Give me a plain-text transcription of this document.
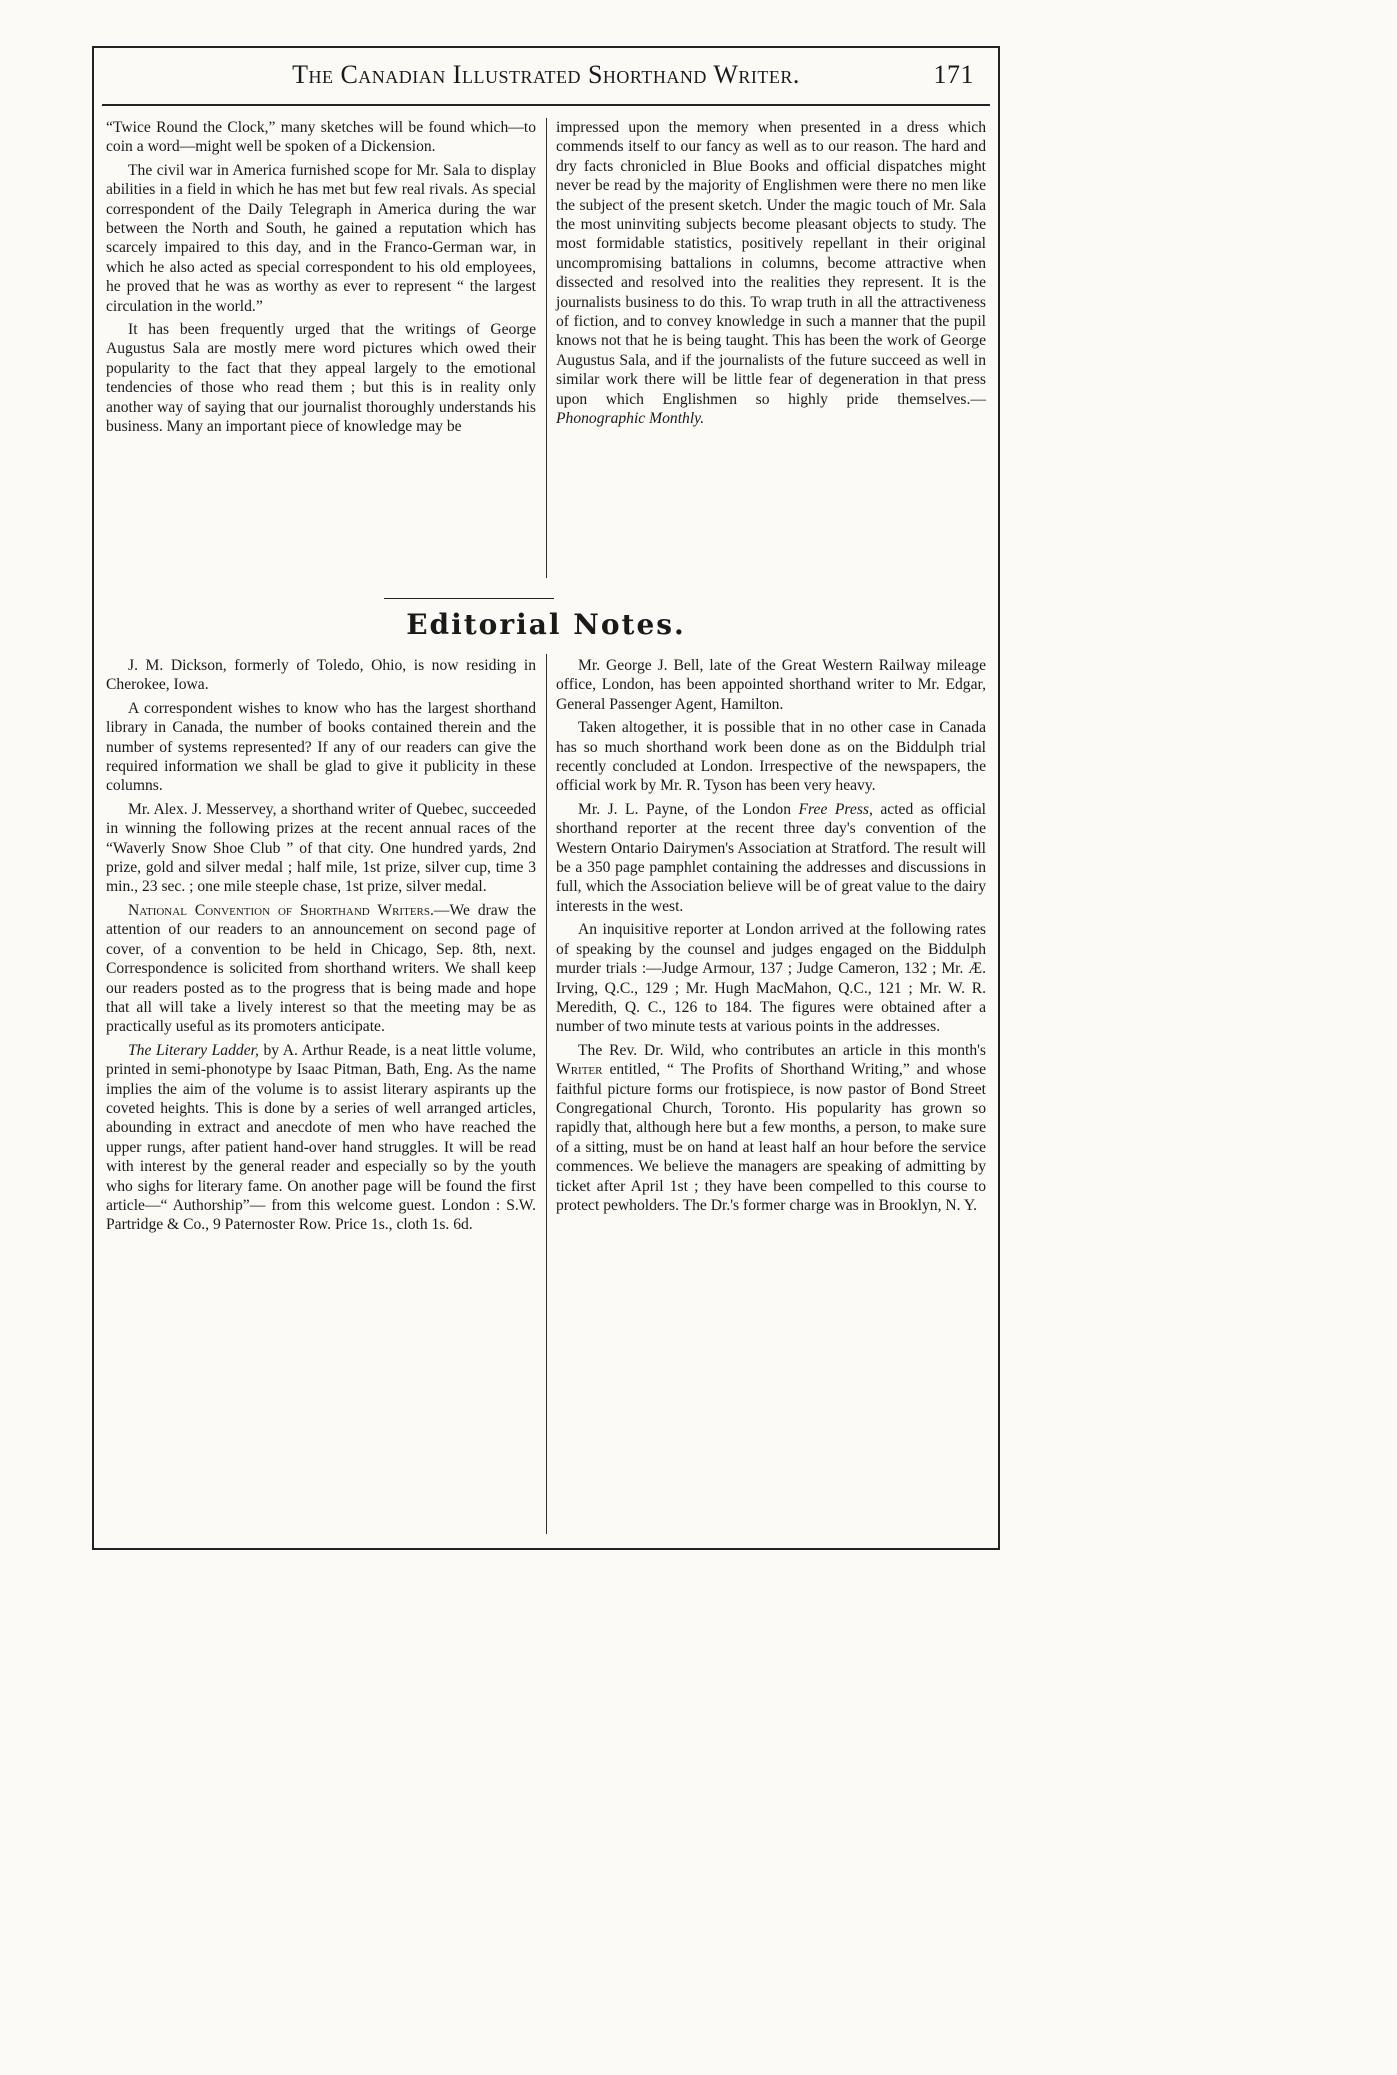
The Canadian Illustrated Shorthand Writer.	171

“Twice Round the Clock,” many sketches will be found which—to coin a word—might well be spoken of a Dickension.

The civil war in America furnished scope for Mr. Sala to display abilities in a field in which he has met but few real rivals. As special correspondent of the Daily Telegraph in America during the war between the North and South, he gained a reputation which has scarcely impaired to this day, and in the Franco-German war, in which he also acted as special correspondent to his old employees, he proved that he was as worthy as ever to represent “ the largest circulation in the world.”

It has been frequently urged that the writings of George Augustus Sala are mostly mere word pictures which owed their popularity to the fact that they appeal largely to the emotional tendencies of those who read them ; but this is in reality only another way of saying that our journalist thoroughly understands his business. Many an important piece of knowledge may be

impressed upon the memory when presented in a dress which commends itself to our fancy as well as to our reason. The hard and dry facts chronicled in Blue Books and official dispatches might never be read by the majority of Englishmen were there no men like the subject of the present sketch. Under the magic touch of Mr. Sala the most uninviting subjects become pleasant objects to study. The most formidable statistics, positively repellant in their original uncompromising battalions in columns, become attractive when dissected and resolved into the realities they represent. It is the journalists business to do this. To wrap truth in all the attractiveness of fiction, and to convey knowledge in such a manner that the pupil knows not that he is being taught. This has been the work of George Augustus Sala, and if the journalists of the future succeed as well in similar work there will be little fear of degeneration in that press upon which Englishmen so highly pride themselves.—Phonographic Monthly.

Editorial Notes.

J. M. Dickson, formerly of Toledo, Ohio, is now residing in Cherokee, Iowa.

A correspondent wishes to know who has the largest shorthand library in Canada, the number of books contained therein and the number of systems represented? If any of our readers can give the required information we shall be glad to give it publicity in these columns.

Mr. Alex. J. Messervey, a shorthand writer of Quebec, succeeded in winning the following prizes at the recent annual races of the “Waverly Snow Shoe Club ” of that city. One hundred yards, 2nd prize, gold and silver medal ; half mile, 1st prize, silver cup, time 3 min., 23 sec. ; one mile steeple chase, 1st prize, silver medal.

National Convention of Shorthand Writers.—We draw the attention of our readers to an announcement on second page of cover, of a convention to be held in Chicago, Sep. 8th, next. Correspondence is solicited from shorthand writers. We shall keep our readers posted as to the progress that is being made and hope that all will take a lively interest so that the meeting may be as practically useful as its promoters anticipate.

The Literary Ladder, by A. Arthur Reade, is a neat little volume, printed in semi-phonotype by Isaac Pitman, Bath, Eng. As the name implies the aim of the volume is to assist literary aspirants up the coveted heights. This is done by a series of well arranged articles, abounding in extract and anecdote of men who have reached the upper rungs, after patient hand-over hand struggles. It will be read with interest by the general reader and especially so by the youth who sighs for literary fame. On another page will be found the first article—“ Authorship”— from this welcome guest. London : S.W. Partridge & Co., 9 Paternoster Row. Price 1s., cloth 1s. 6d.

Mr. George J. Bell, late of the Great Western Railway mileage office, London, has been appointed shorthand writer to Mr. Edgar, General Passenger Agent, Hamilton.

Taken altogether, it is possible that in no other case in Canada has so much shorthand work been done as on the Biddulph trial recently concluded at London. Irrespective of the newspapers, the official work by Mr. R. Tyson has been very heavy.

Mr. J. L. Payne, of the London Free Press, acted as official shorthand reporter at the recent three day's convention of the Western Ontario Dairymen's Association at Stratford. The result will be a 350 page pamphlet containing the addresses and discussions in full, which the Association believe will be of great value to the dairy interests in the west.

An inquisitive reporter at London arrived at the following rates of speaking by the counsel and judges engaged on the Biddulph murder trials :—Judge Armour, 137 ; Judge Cameron, 132 ; Mr. Æ. Irving, Q.C., 129 ; Mr. Hugh MacMahon, Q.C., 121 ; Mr. W. R. Meredith, Q. C., 126 to 184. The figures were obtained after a number of two minute tests at various points in the addresses.

The Rev. Dr. Wild, who contributes an article in this month's Writer entitled, “ The Profits of Shorthand Writing,” and whose faithful picture forms our frotispiece, is now pastor of Bond Street Congregational Church, Toronto. His popularity has grown so rapidly that, although here but a few months, a person, to make sure of a sitting, must be on hand at least half an hour before the service commences. We believe the managers are speaking of admitting by ticket after April 1st ; they have been compelled to this course to protect pewholders. The Dr.'s former charge was in Brooklyn, N. Y.
